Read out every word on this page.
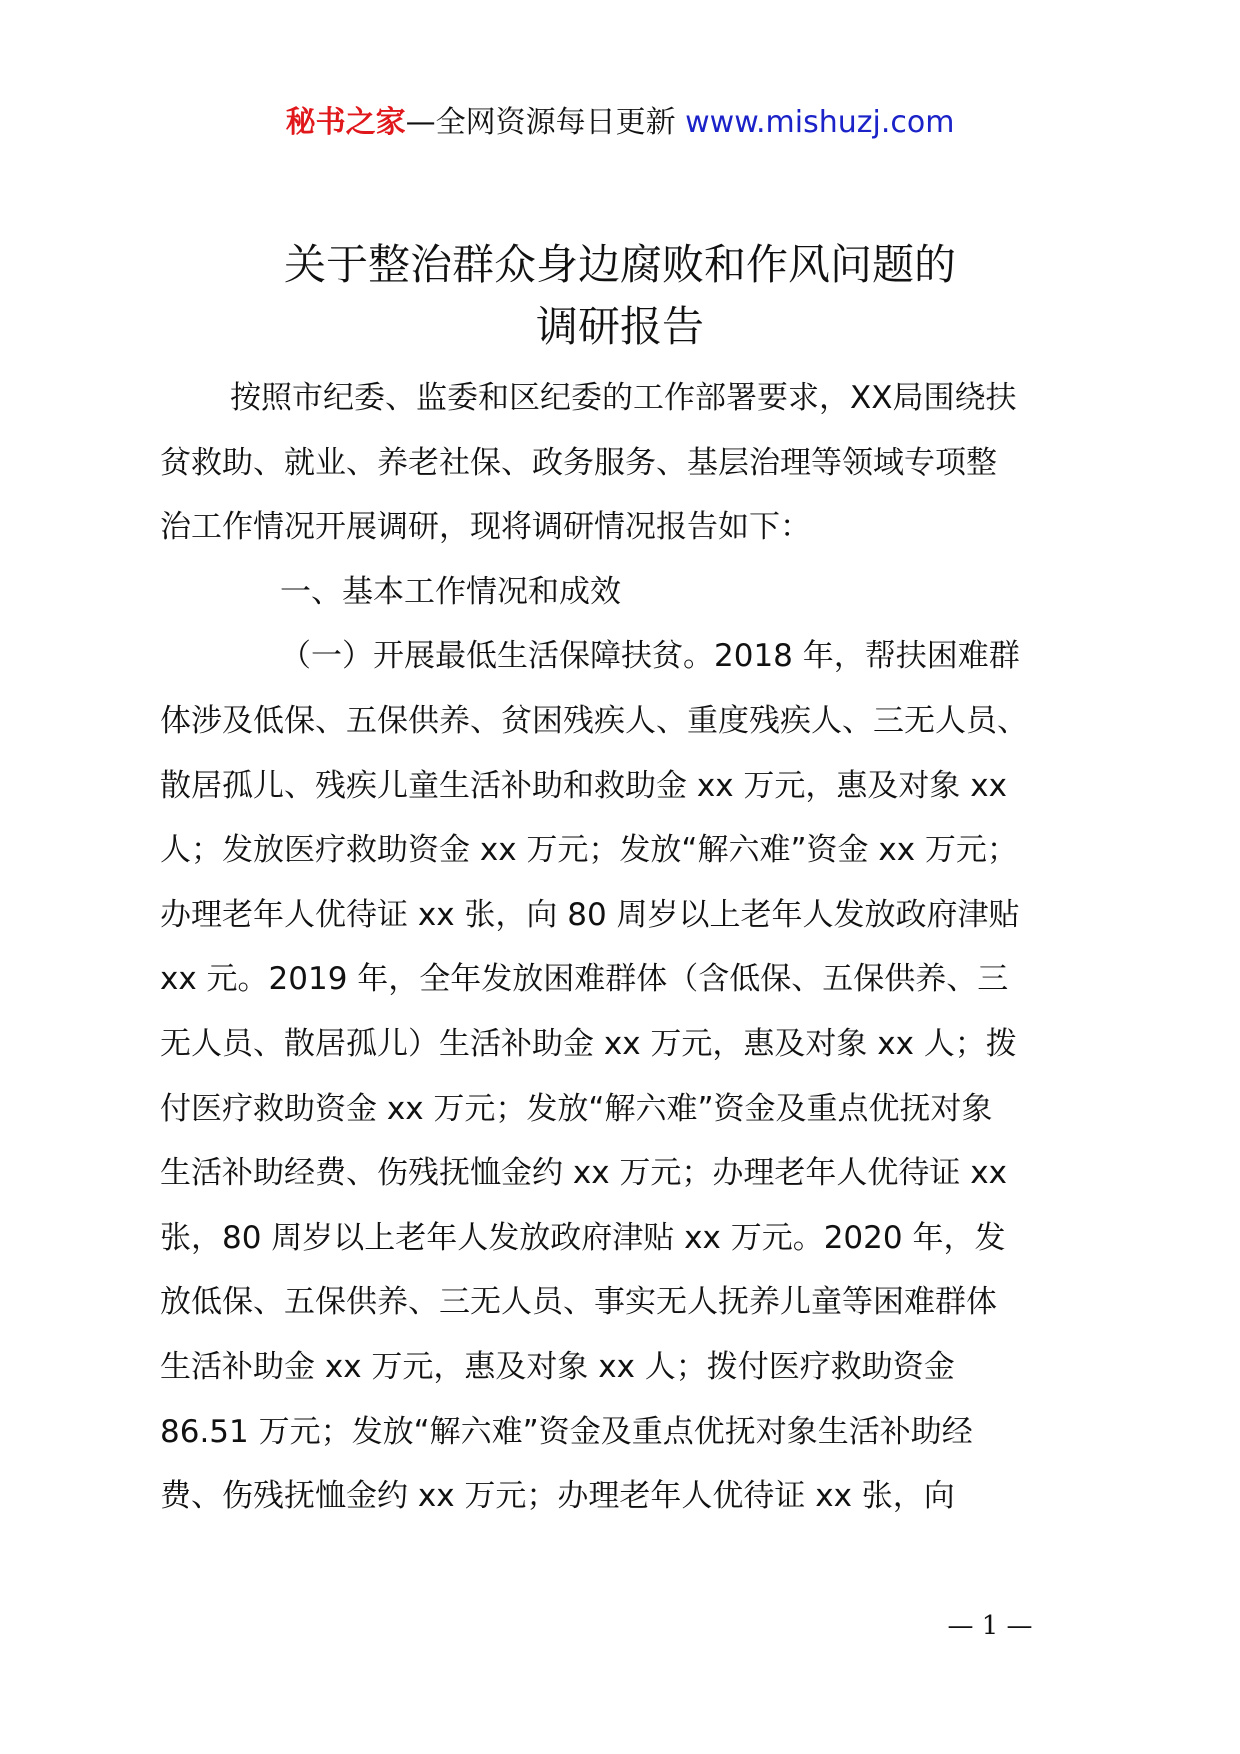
秘书之家—全网资源每日更新 www.mishuzj.com
关于整治群众身边腐败和作风问题的
调研报告
按照市纪委、监委和区纪委的工作部署要求，XX局围绕扶
贫救助、就业、养老社保、政务服务、基层治理等领域专项整
治工作情况开展调研，现将调研情况报告如下：
一、基本工作情况和成效
（一）开展最低生活保障扶贫。2018 年，帮扶困难群
体涉及低保、五保供养、贫困残疾人、重度残疾人、三无人员、
散居孤儿、残疾儿童生活补助和救助金 xx 万元，惠及对象 xx
人；发放医疗救助资金 xx 万元；发放“解六难”资金 xx 万元；
办理老年人优待证 xx 张，向 80 周岁以上老年人发放政府津贴
xx 元。2019 年，全年发放困难群体（含低保、五保供养、三
无人员、散居孤儿）生活补助金 xx 万元，惠及对象 xx 人；拨
付医疗救助资金 xx 万元；发放“解六难”资金及重点优抚对象
生活补助经费、伤残抚恤金约 xx 万元；办理老年人优待证 xx
张，80 周岁以上老年人发放政府津贴 xx 万元。2020 年，发
放低保、五保供养、三无人员、事实无人抚养儿童等困难群体
生活补助金 xx 万元，惠及对象 xx 人；拨付医疗救助资金
86.51 万元；发放“解六难”资金及重点优抚对象生活补助经
费、伤残抚恤金约 xx 万元；办理老年人优待证 xx 张，向
— 1 —
